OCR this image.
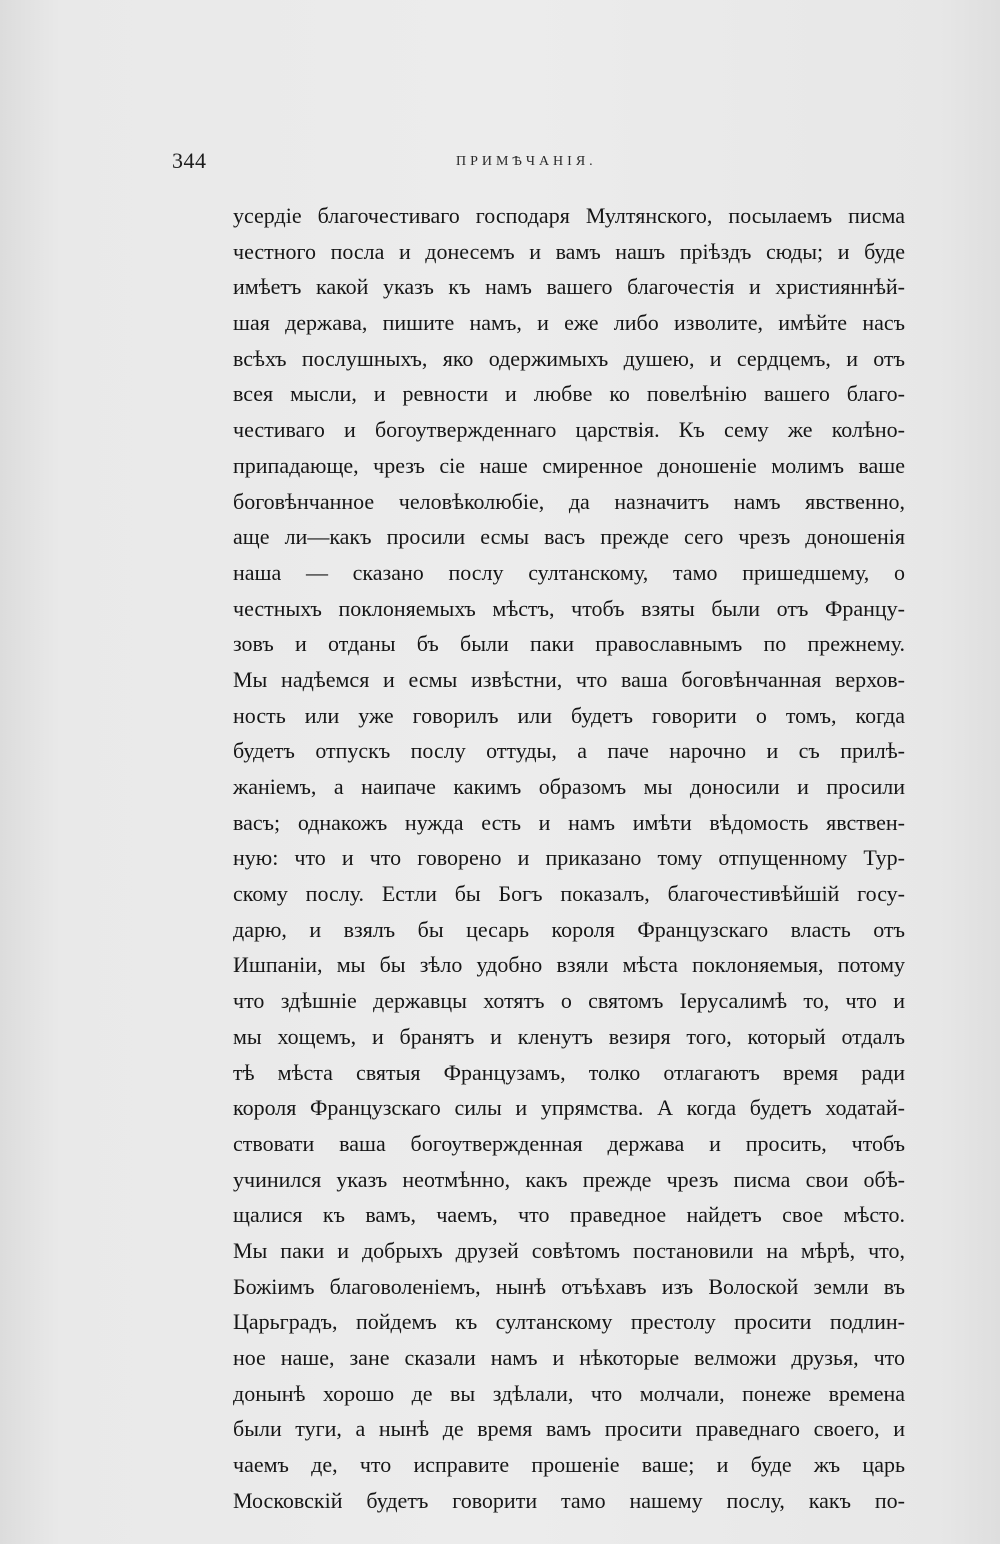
344	ПРИМѢЧАНІЯ.
усердіе благочестиваго господаря Мултянского, посылаемъ писма
честного посла и донесемъ и вамъ нашъ пріѣздъ сюды; и буде
имѣетъ какой указъ къ намъ вашего благочестія и християннѣй-
шая держава, пишите намъ, и еже либо изволите, имѣйте насъ
всѣхъ послушныхъ, яко одержимыхъ душею, и сердцемъ, и отъ
всея мысли, и ревности и любве ко повелѣнію вашего благо-
честиваго и богоутвержденнаго царствія. Къ сему же колѣно-
припадающе, чрезъ сіе наше смиренное доношеніе молимъ ваше
боговѣнчанное человѣколюбіе, да назначитъ намъ явственно,
аще ли—какъ просили есмы васъ прежде сего чрезъ доношенія
наша — сказано послу султанскому, тамо пришедшему, о
честныхъ поклоняемыхъ мѣстъ, чтобъ взяты были отъ Францу-
зовъ и отданы бъ были паки православнымъ по прежнему.
Мы надѣемся и есмы извѣстни, что ваша боговѣнчанная верхов-
ность или уже говорилъ или будетъ говорити о томъ, когда
будетъ отпускъ послу оттуды, а паче нарочно и съ прилѣ-
жаніемъ, а наипаче какимъ образомъ мы доносили и просили
васъ; однакожъ нужда есть и намъ имѣти вѣдомость явствен-
ную: что и что говорено и приказано тому отпущенному Тур-
скому послу. Естли бы Богъ показалъ, благочестивѣйшій госу-
дарю, и взялъ бы цесарь короля Французскаго власть отъ
Ишпаніи, мы бы зѣло удобно взяли мѣста поклоняемыя, потому
что здѣшніе державцы хотятъ о святомъ Іерусалимѣ то, что и
мы хощемъ, и бранятъ и кленутъ везиря того, который отдалъ
тѣ мѣста святыя Французамъ, толко отлагаютъ время ради
короля Французскаго силы и упрямства. А когда будетъ ходатай-
ствовати ваша богоутвержденная держава и просить, чтобъ
учинился указъ неотмѣнно, какъ прежде чрезъ писма свои обѣ-
щалися къ вамъ, чаемъ, что праведное найдетъ свое мѣсто.
Мы паки и добрыхъ друзей совѣтомъ постановили на мѣрѣ, что,
Божіимъ благоволеніемъ, нынѣ отъѣхавъ изъ Волоской земли въ
Царьградъ, пойдемъ къ султанскому престолу просити подлин-
ное наше, зане сказали намъ и нѣкоторые велможи друзья, что
донынѣ хорошо де вы здѣлали, что молчали, понеже времена
были туги, а нынѣ де время вамъ просити праведнаго своего, и
чаемъ де, что исправите прошеніе ваше; и буде жъ царь
Московскій будетъ говорити тамо нашему послу, какъ по-
